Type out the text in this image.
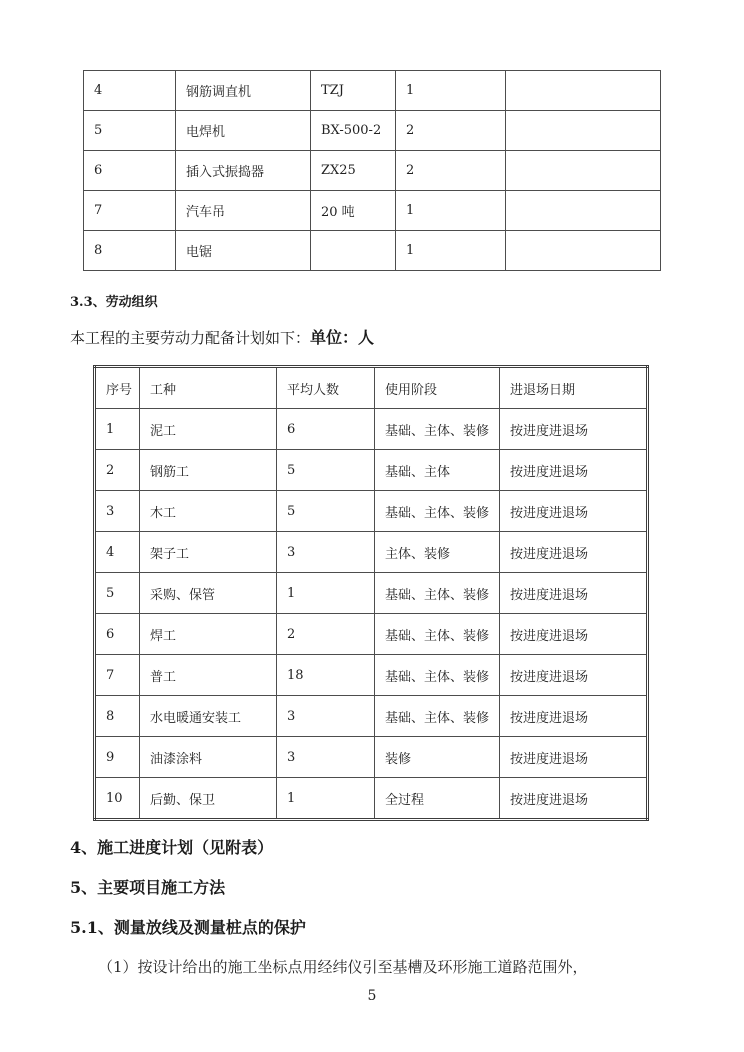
4	钢筋调直机	TZJ	1	
5	电焊机	BX-500-2	2	
6	插入式振捣器	ZX25	2	
7	汽车吊	20 吨	1	
8	电锯		1	
3.3、劳动组织
本工程的主要劳动力配备计划如下：单位：人
序号	工种	平均人数	使用阶段	进退场日期
1	泥工	6	基础、主体、装修	按进度进退场
2	钢筋工	5	基础、主体	按进度进退场
3	木工	5	基础、主体、装修	按进度进退场
4	架子工	3	主体、装修	按进度进退场
5	采购、保管	1	基础、主体、装修	按进度进退场
6	焊工	2	基础、主体、装修	按进度进退场
7	普工	18	基础、主体、装修	按进度进退场
8	水电暖通安装工	3	基础、主体、装修	按进度进退场
9	油漆涂料	3	装修	按进度进退场
10	后勤、保卫	1	全过程	按进度进退场
4、施工进度计划（见附表）
5、主要项目施工方法
5.1、测量放线及测量桩点的保护
（1）按设计给出的施工坐标点用经纬仪引至基槽及环形施工道路范围外，
5
